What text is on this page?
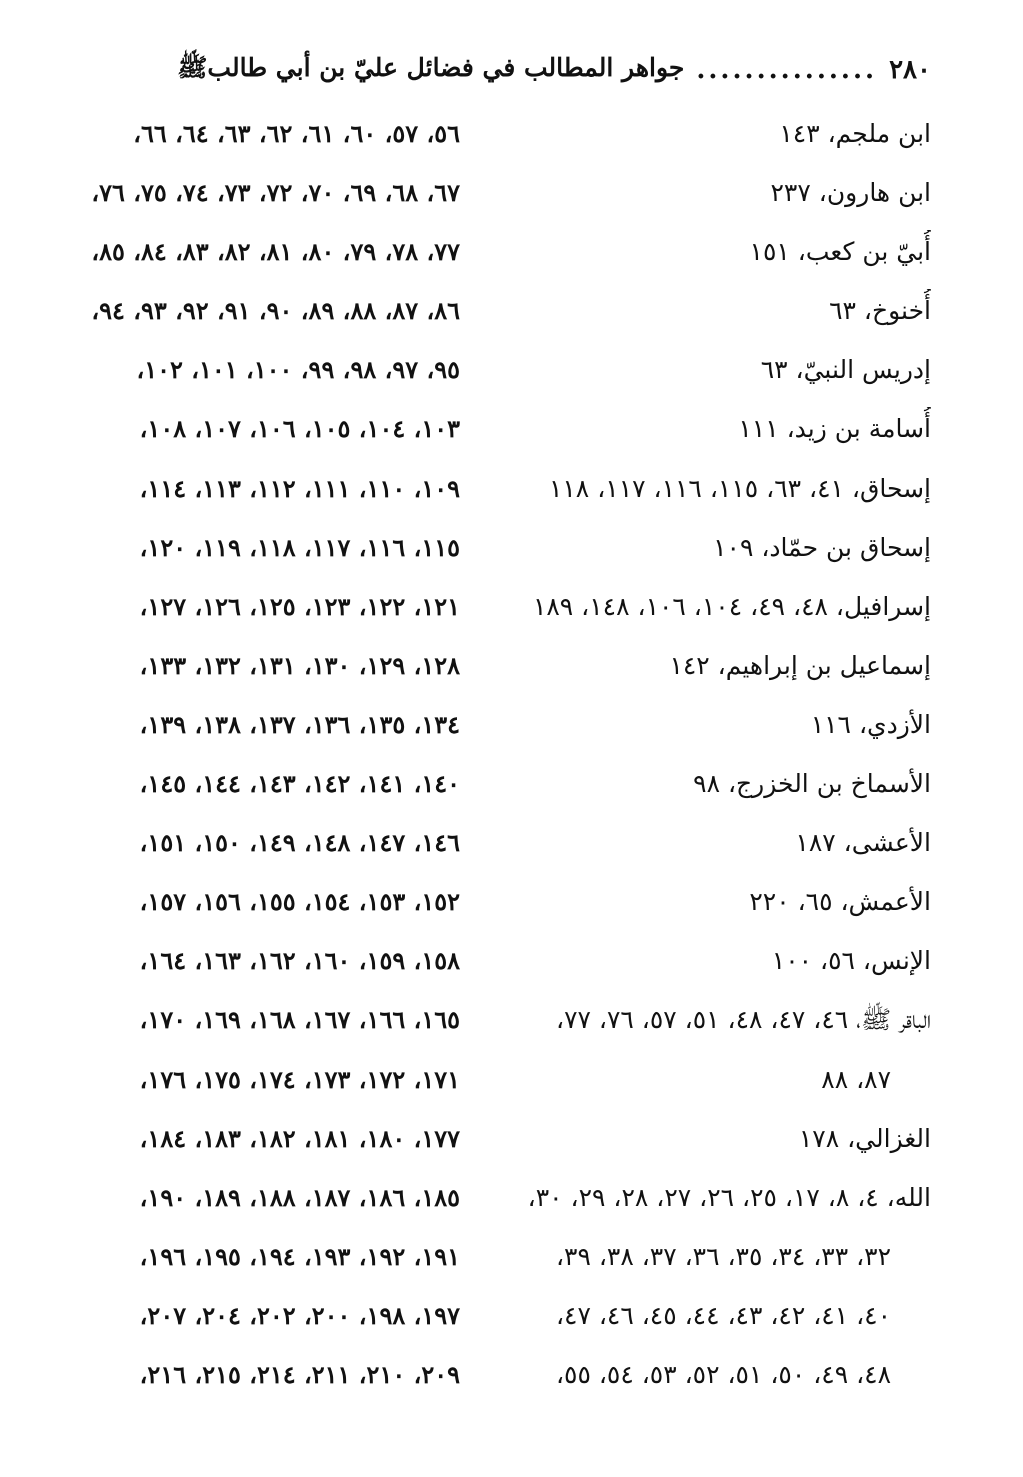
٢٨٠
...............
جواهر المطالب في فضائل عليّ بن أبي طالبﷺ
ابن ملجم، ١٤٣
ابن هارون، ٢٣٧
أُبيّ بن كعب، ١٥١
أُخنوخ، ٦٣
إدريس النبيّ، ٦٣
أُسامة بن زيد، ١١١
إسحاق، ٤١، ٦٣، ١١٥، ١١٦، ١١٧، ١١٨
إسحاق بن حمّاد، ١٠٩
إسرافيل، ٤٨، ٤٩، ١٠٤، ١٠٦، ١٤٨، ١٨٩
إسماعيل بن إبراهيم، ١٤٢
الأزدي، ١١٦
الأسماخ بن الخزرج، ٩٨
الأعشى، ١٨٧
الأعمش، ٦٥، ٢٢٠
الإنس، ٥٦، ١٠٠
الباقر ﷺ، ٤٦، ٤٧، ٤٨، ٥١، ٥٧، ٧٦، ٧٧،
٨٧، ٨٨
الغزالي، ١٧٨
الله، ٤، ٨، ١٧، ٢٥، ٢٦، ٢٧، ٢٨، ٢٩، ٣٠،
٣٢، ٣٣، ٣٤، ٣٥، ٣٦، ٣٧، ٣٨، ٣٩،
٤٠، ٤١، ٤٢، ٤٣، ٤٤، ٤٥، ٤٦، ٤٧،
٤٨، ٤٩، ٥٠، ٥١، ٥٢، ٥٣، ٥٤، ٥٥،
٥٦، ٥٧، ٦٠، ٦١، ٦٢، ٦٣، ٦٤، ٦٦،
٦٧، ٦٨، ٦٩، ٧٠، ٧٢، ٧٣، ٧٤، ٧٥، ٧٦،
٧٧، ٧٨، ٧٩، ٨٠، ٨١، ٨٢، ٨٣، ٨٤، ٨٥،
٨٦، ٨٧، ٨٨، ٨٩، ٩٠، ٩١، ٩٢، ٩٣، ٩٤،
٩٥، ٩٧، ٩٨، ٩٩، ١٠٠، ١٠١، ١٠٢،
١٠٣، ١٠٤، ١٠٥، ١٠٦، ١٠٧، ١٠٨،
١٠٩، ١١٠، ١١١، ١١٢، ١١٣، ١١٤،
١١٥، ١١٦، ١١٧، ١١٨، ١١٩، ١٢٠،
١٢١، ١٢٢، ١٢٣، ١٢٥، ١٢٦، ١٢٧،
١٢٨، ١٢٩، ١٣٠، ١٣١، ١٣٢، ١٣٣،
١٣٤، ١٣٥، ١٣٦، ١٣٧، ١٣٨، ١٣٩،
١٤٠، ١٤١، ١٤٢، ١٤٣، ١٤٤، ١٤٥،
١٤٦، ١٤٧، ١٤٨، ١٤٩، ١٥٠، ١٥١،
١٥٢، ١٥٣، ١٥٤، ١٥٥، ١٥٦، ١٥٧،
١٥٨، ١٥٩، ١٦٠، ١٦٢، ١٦٣، ١٦٤،
١٦٥، ١٦٦، ١٦٧، ١٦٨، ١٦٩، ١٧٠،
١٧١، ١٧٢، ١٧٣، ١٧٤، ١٧٥، ١٧٦،
١٧٧، ١٨٠، ١٨١، ١٨٢، ١٨٣، ١٨٤،
١٨٥، ١٨٦، ١٨٧، ١٨٨، ١٨٩، ١٩٠،
١٩١، ١٩٢، ١٩٣، ١٩٤، ١٩٥، ١٩٦،
١٩٧، ١٩٨، ٢٠٠، ٢٠٢، ٢٠٤، ٢٠٧،
٢٠٩، ٢١٠، ٢١١، ٢١٤، ٢١٥، ٢١٦،
